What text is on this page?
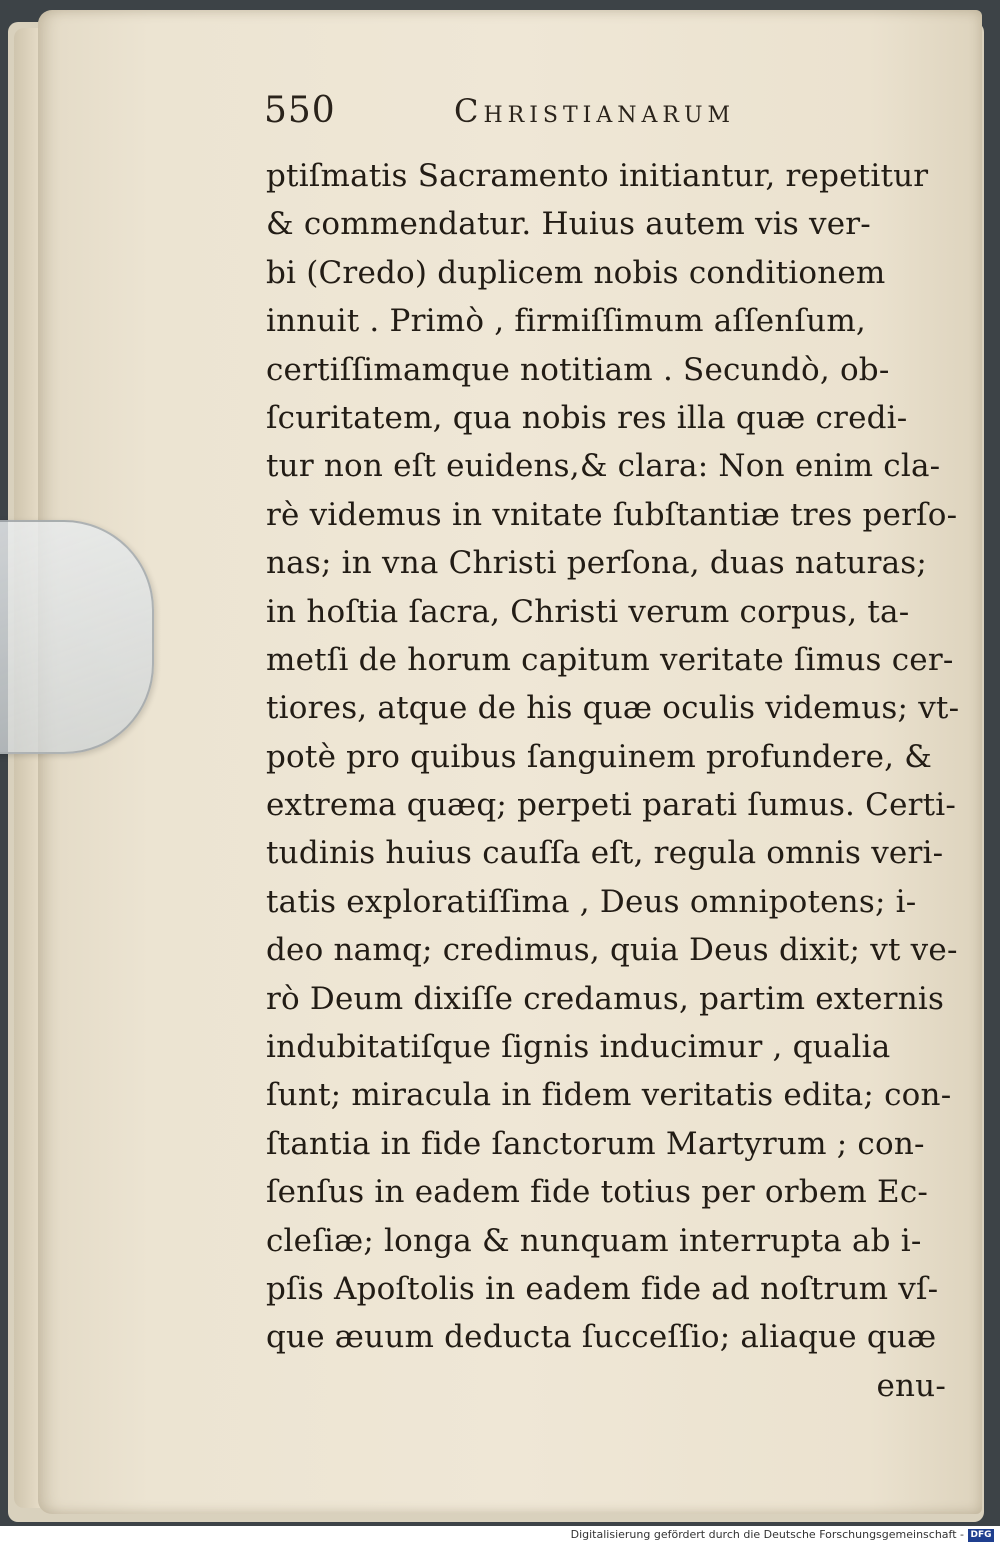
550	Christianarum
ptiſmatis Sacramento initiantur, repetitur
& commendatur. Huius autem vis ver-
bi (Credo) duplicem nobis conditionem
innuit . Primò , firmiſſimum aſſenſum,
certiſſimamque notitiam . Secundò, ob-
ſcuritatem, qua nobis res illa quæ credi-
tur non eſt euidens,& clara: Non enim cla-
rè videmus in vnitate ſubſtantiæ tres perſo-
nas; in vna Christi perſona, duas naturas;
in hoſtia ſacra, Christi verum corpus, ta-
metſi de horum capitum veritate ſimus cer-
tiores, atque de his quæ oculis videmus; vt-
potè pro quibus ſanguinem profundere, &
extrema quæq; perpeti parati ſumus. Certi-
tudinis huius cauſſa eſt, regula omnis veri-
tatis exploratiſſima , Deus omnipotens; i-
deo namq; credimus, quia Deus dixit; vt ve-
rò Deum dixiſſe credamus, partim externis
indubitatiſque ſignis inducimur , qualia
ſunt; miracula in fidem veritatis edita; con-
ſtantia in fide ſanctorum Martyrum ; con-
ſenſus in eadem fide totius per orbem Ec-
cleſiæ; longa & nunquam interrupta ab i-
pſis Apoſtolis in eadem fide ad noſtrum vſ-
que æuum deducta ſucceſſio; aliaque quæ
enu-
Digitalisierung gefördert durch die Deutsche Forschungsgemeinschaft - DFG
